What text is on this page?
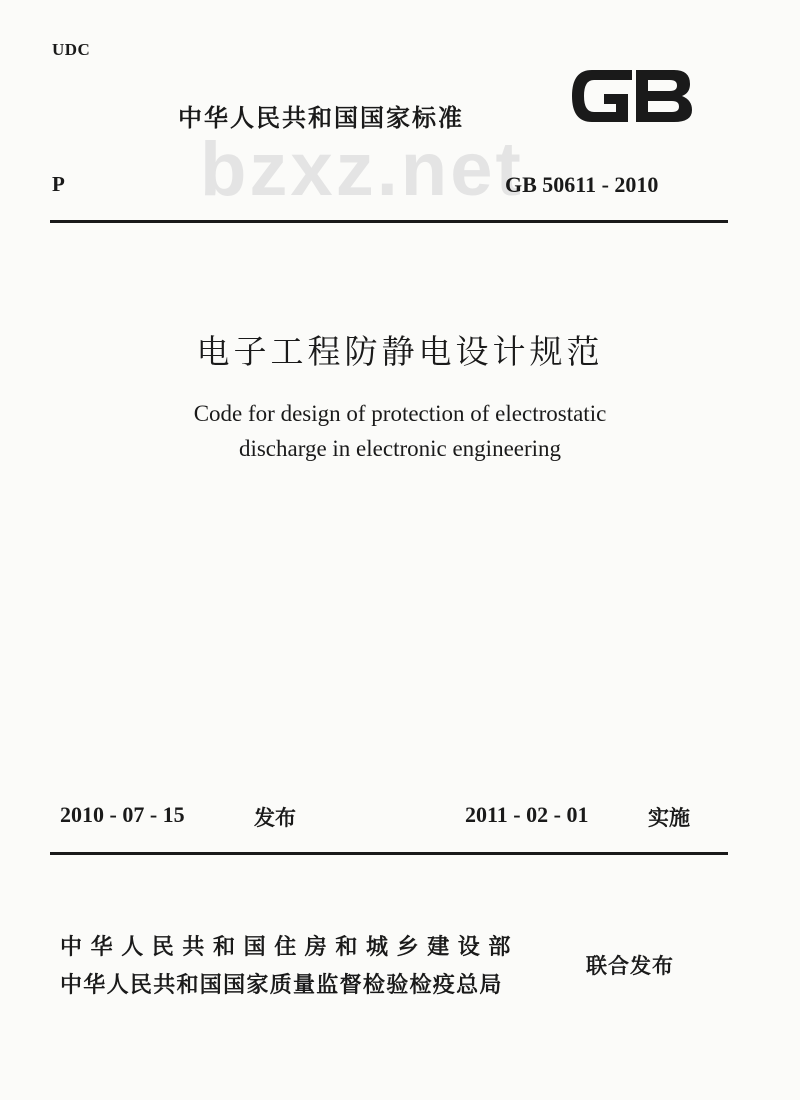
UDC
中华人民共和国国家标准
GB
bzxz.net
P	GB 50611 - 2010
电子工程防静电设计规范
Code for design of protection of electrostatic
discharge in electronic engineering
2010 - 07 - 15	发布	2011 - 02 - 01	实施
中华人民共和国住房和城乡建设部
中华人民共和国国家质量监督检验检疫总局
联合发布
